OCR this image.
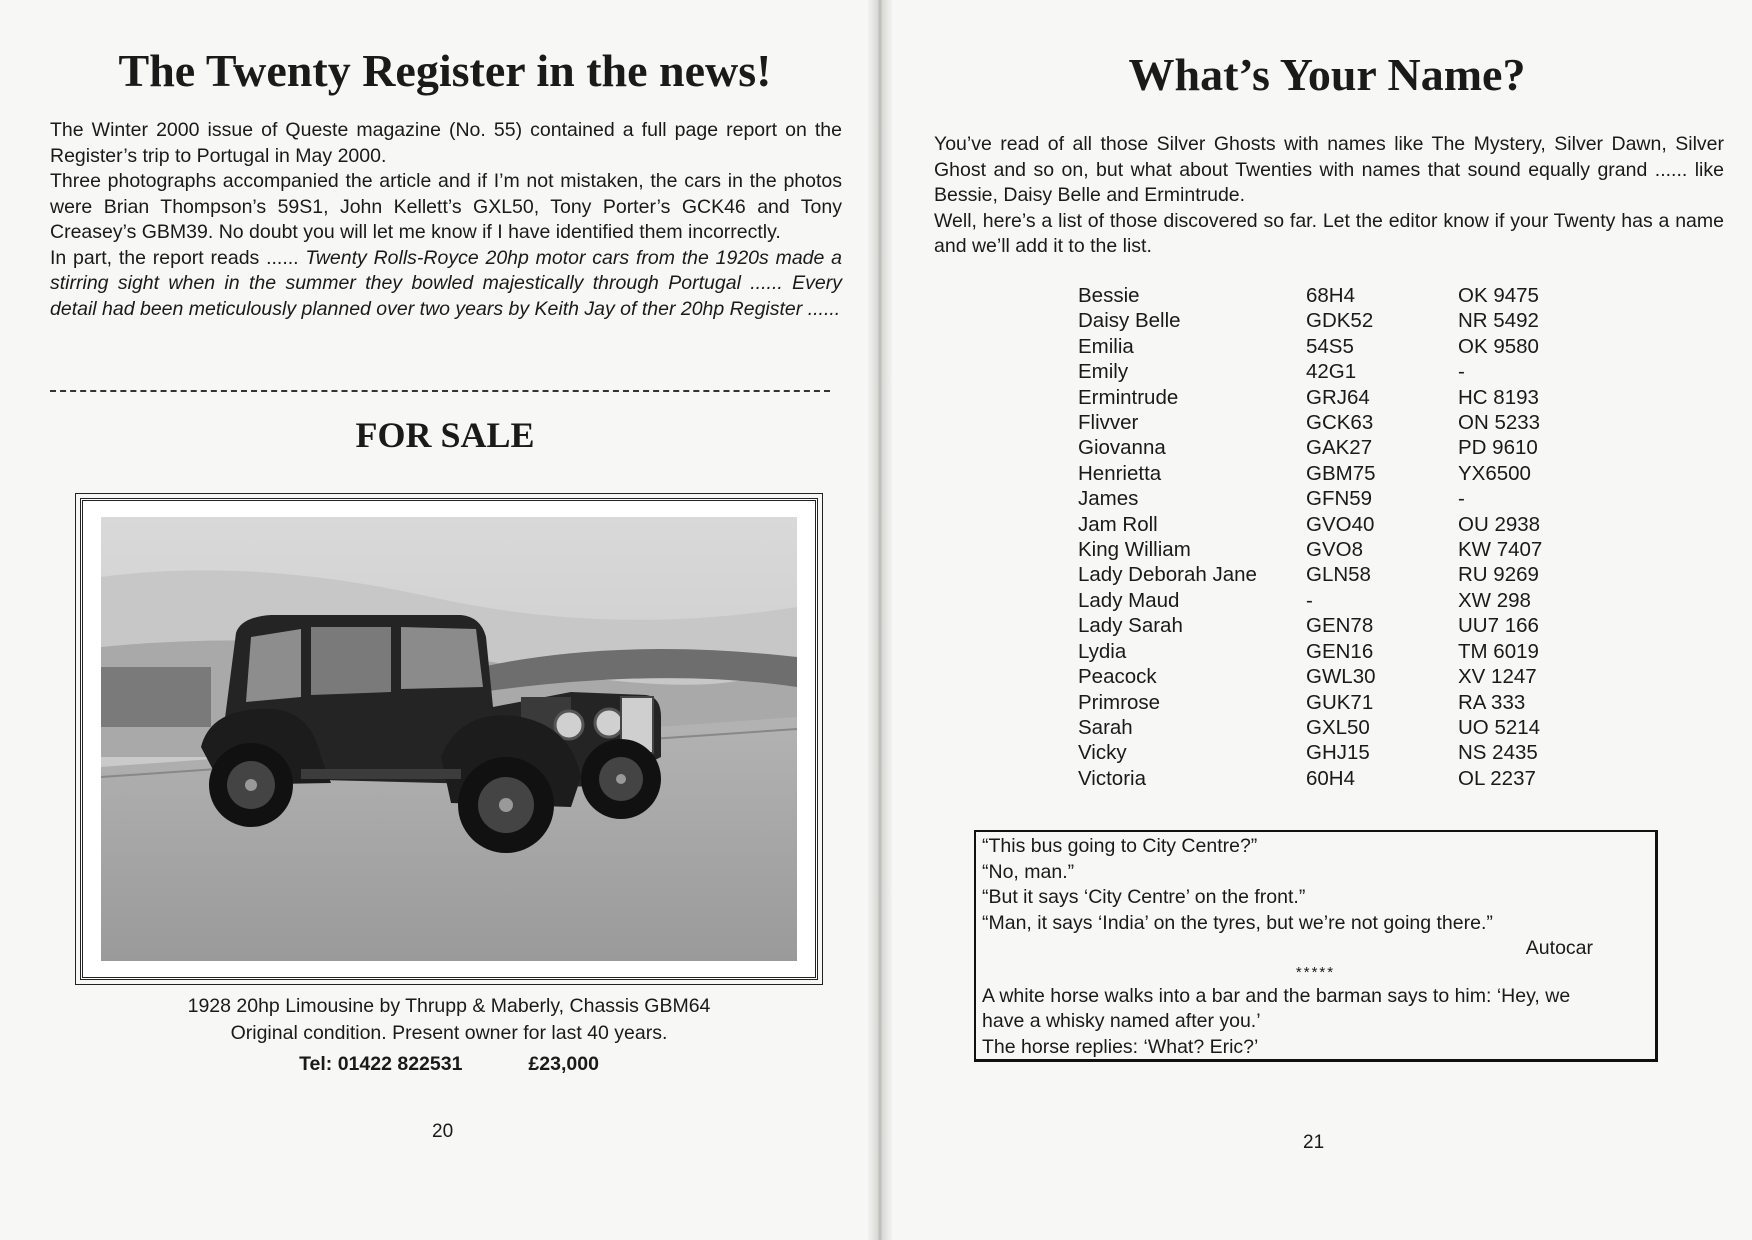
The Twenty Register in the news!

The Winter 2000 issue of Queste magazine (No. 55) contained a full page report on the Register’s trip to Portugal in May 2000.

Three photographs accompanied the article and if I’m not mistaken, the cars in the photos were Brian Thompson’s 59S1, John Kellett’s GXL50, Tony Porter’s GCK46 and Tony Creasey’s GBM39. No doubt you will let me know if I have identified them incorrectly.

In part, the report reads ...... Twenty Rolls-Royce 20hp motor cars from the 1920s made a stirring sight when in the summer they bowled majestically through Portugal ...... Every detail had been meticulously planned over two years by Keith Jay of ther 20hp Register ......

FOR SALE
1928 20hp Limousine by Thrupp & Maberly, Chassis GBM64
Original condition. Present owner for last 40 years.
Tel: 01422 822531	£23,000
20
What’s Your Name?

You’ve read of all those Silver Ghosts with names like The Mystery, Silver Dawn, Silver Ghost and so on, but what about Twenties with names that sound equally grand ...... like Bessie, Daisy Belle and Ermintrude.

Well, here’s a list of those discovered so far. Let the editor know if your Twenty has a name and we’ll add it to the list.

Bessie	68H4	OK 9475
Daisy Belle	GDK52	NR 5492
Emilia	54S5	OK 9580
Emily	42G1	-
Ermintrude	GRJ64	HC 8193
Flivver	GCK63	ON 5233
Giovanna	GAK27	PD 9610
Henrietta	GBM75	YX6500
James	GFN59	-
Jam Roll	GVO40	OU 2938
King William	GVO8	KW 7407
Lady Deborah Jane	GLN58	RU 9269
Lady Maud	-	XW 298
Lady Sarah	GEN78	UU7 166
Lydia	GEN16	TM 6019
Peacock	GWL30	XV 1247
Primrose	GUK71	RA 333
Sarah	GXL50	UO 5214
Vicky	GHJ15	NS 2435
Victoria	60H4	OL 2237
“This bus going to City Centre?”
“No, man.”
“But it says ‘City Centre’ on the front.”
“Man, it says ‘India’ on the tyres, but we’re not going there.”
Autocar
*****
A white horse walks into a bar and the barman says to him: ‘Hey, we
have a whisky named after you.’
The horse replies: ‘What? Eric?’
21
